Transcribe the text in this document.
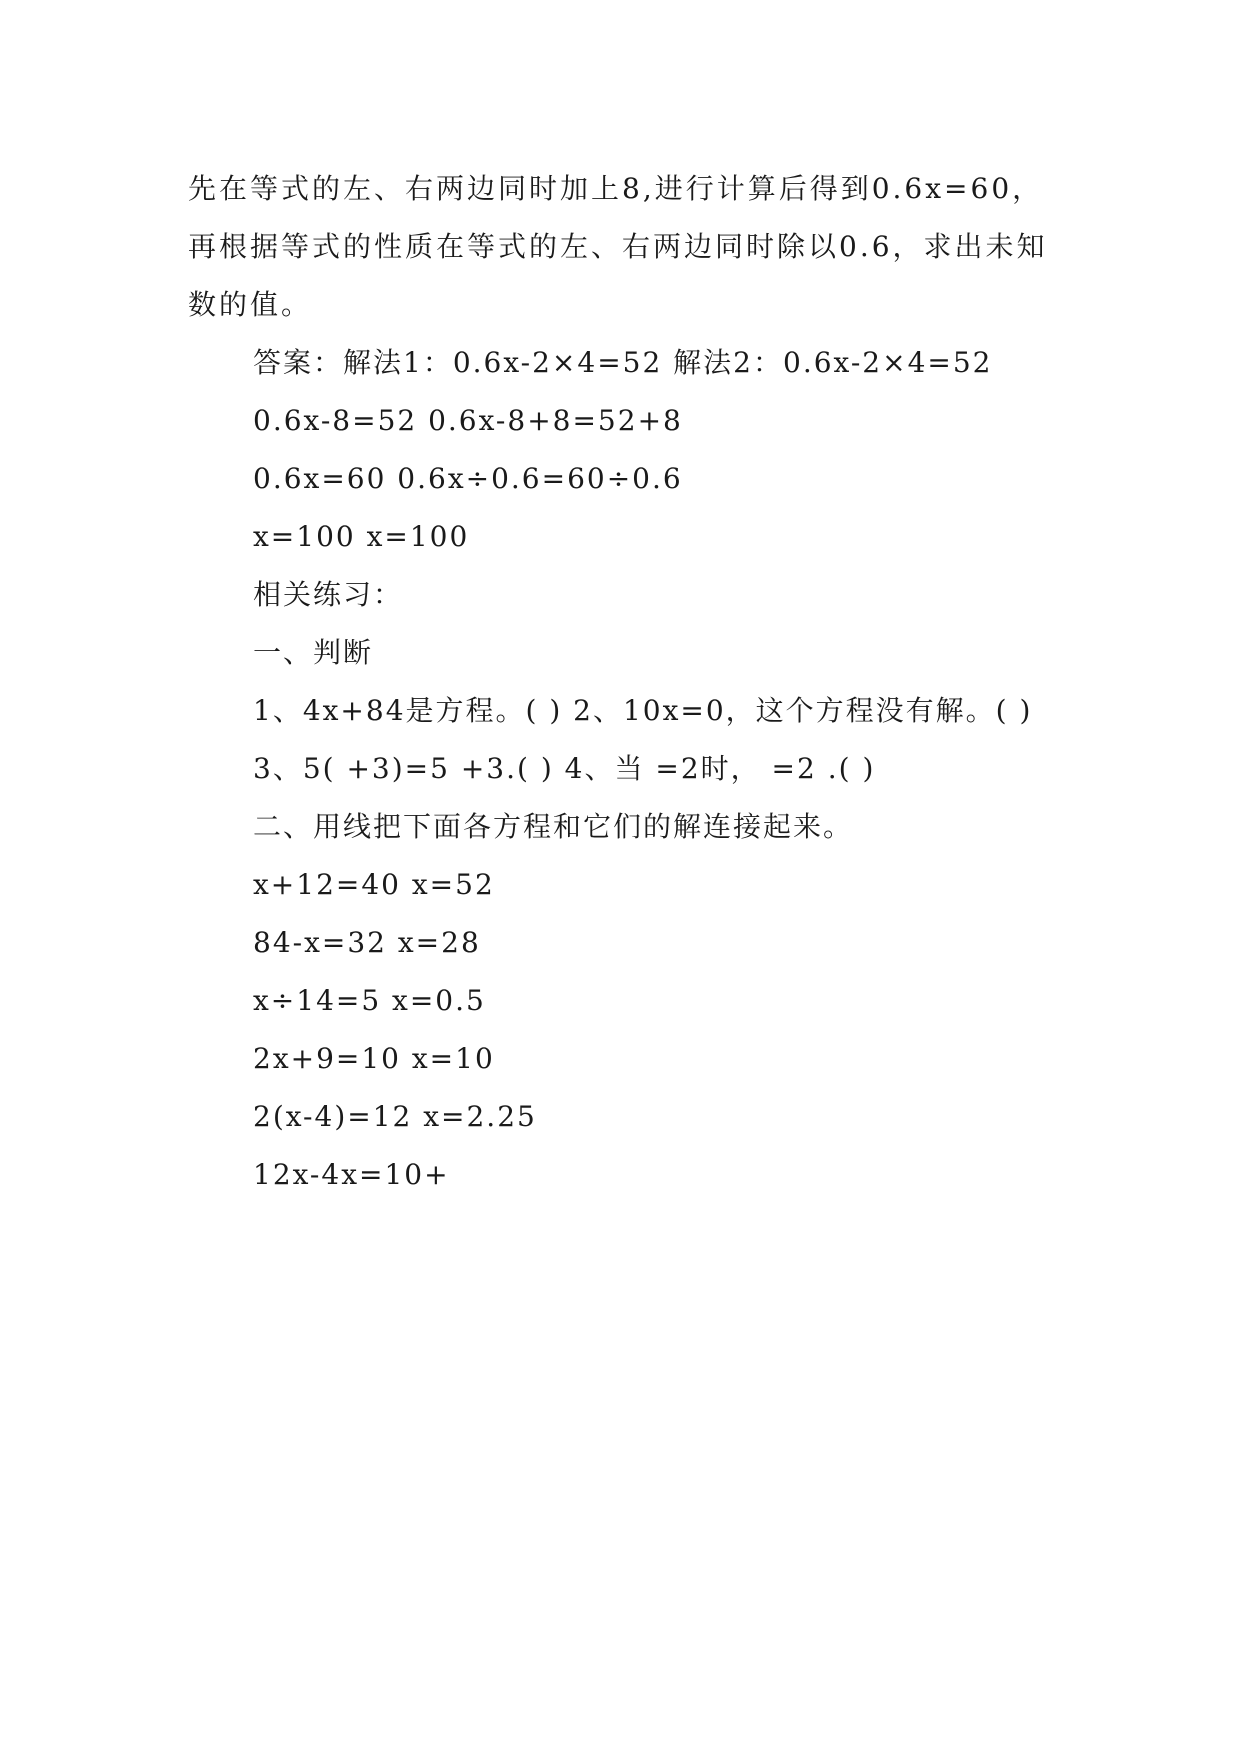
先在等式的左、右两边同时加上8,进行计算后得到0.6x=60，再根据等式的性质在等式的左、右两边同时除以0.6，求出未知数的值。

答案：解法1：0.6x-2×4=52 解法2：0.6x-2×4=52
0.6x-8=52 0.6x-8+8=52+8
0.6x=60 0.6x÷0.6=60÷0.6
x=100 x=100
相关练习：
一、判断
1、4x+84是方程。( ) 2、10x=0，这个方程没有解。( )
3、5( +3)=5 +3.( ) 4、当 =2时， =2 .( )
二、用线把下面各方程和它们的解连接起来。
x+12=40 x=52
84-x=32 x=28
x÷14=5 x=0.5
2x+9=10 x=10
2(x-4)=12 x=2.25
12x-4x=10+
